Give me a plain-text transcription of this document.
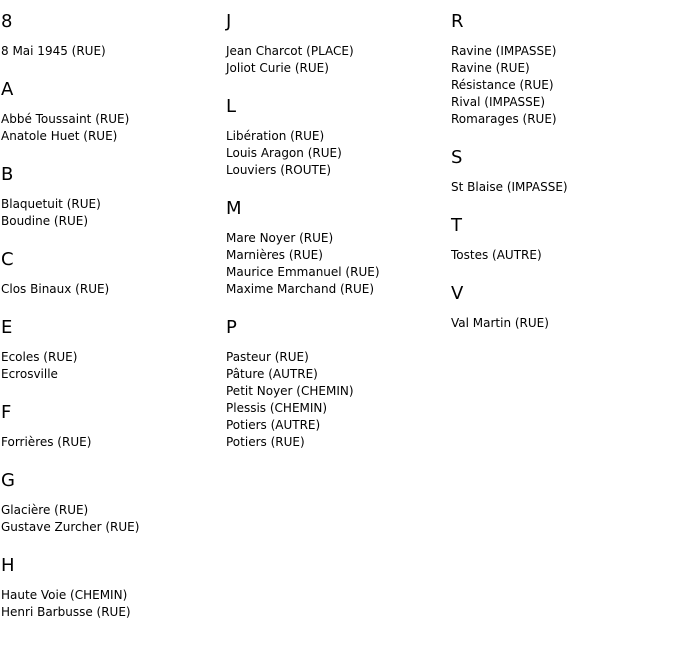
8
8 Mai 1945 (RUE)
A
Abbé Toussaint (RUE)
Anatole Huet (RUE)
B
Blaquetuit (RUE)
Boudine (RUE)
C
Clos Binaux (RUE)
E
Ecoles (RUE)
Ecrosville
F
Forrières (RUE)
G
Glacière (RUE)
Gustave Zurcher (RUE)
H
Haute Voie (CHEMIN)
Henri Barbusse (RUE)
J
Jean Charcot (PLACE)
Joliot Curie (RUE)
L
Libération (RUE)
Louis Aragon (RUE)
Louviers (ROUTE)
M
Mare Noyer (RUE)
Marnières (RUE)
Maurice Emmanuel (RUE)
Maxime Marchand (RUE)
P
Pasteur (RUE)
Pâture (AUTRE)
Petit Noyer (CHEMIN)
Plessis (CHEMIN)
Potiers (AUTRE)
Potiers (RUE)
R
Ravine (IMPASSE)
Ravine (RUE)
Résistance (RUE)
Rival (IMPASSE)
Romarages (RUE)
S
St Blaise (IMPASSE)
T
Tostes (AUTRE)
V
Val Martin (RUE)
